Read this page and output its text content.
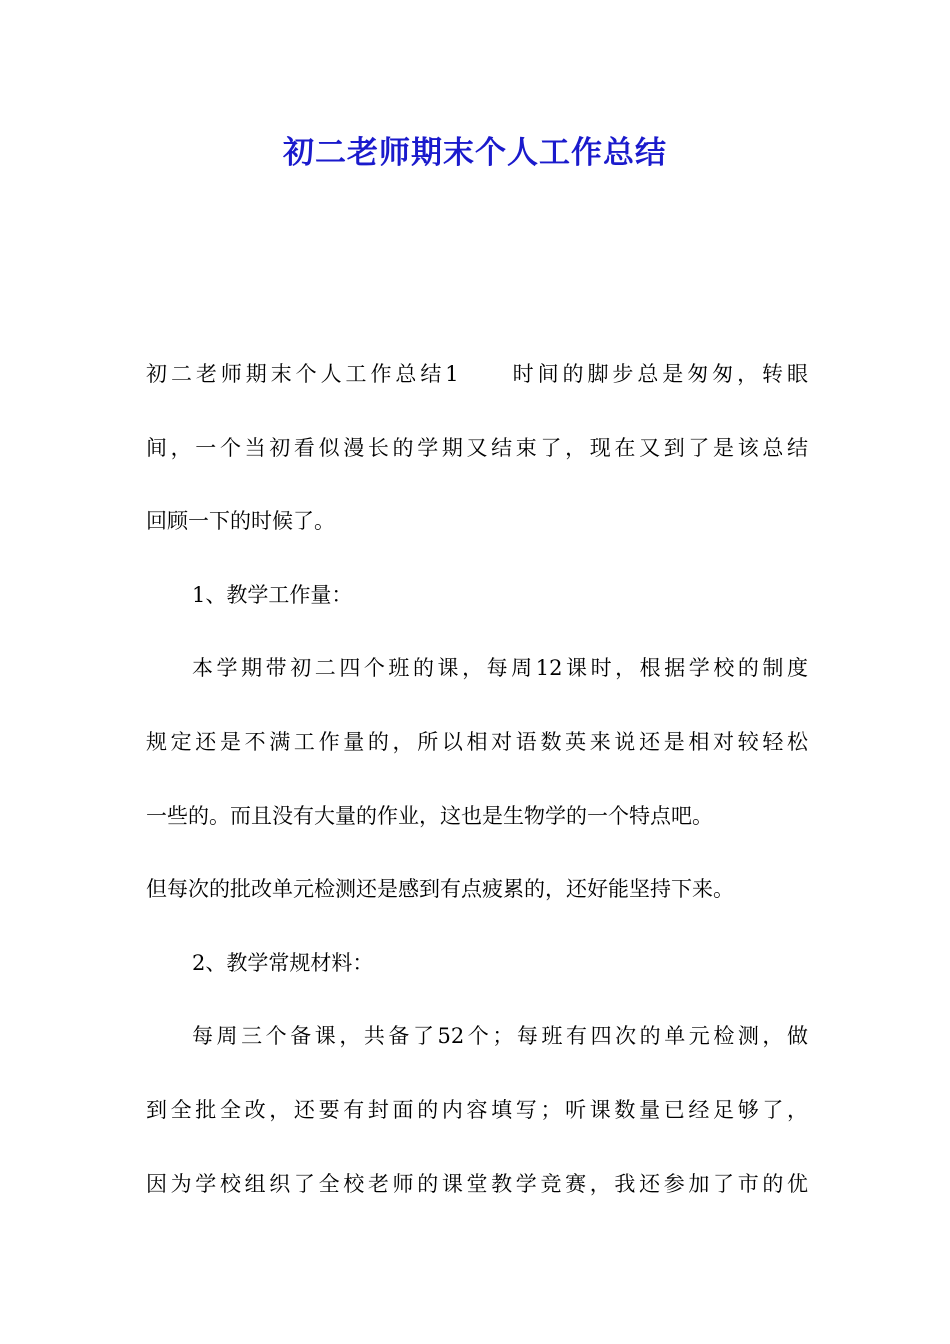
初二老师期末个人工作总结
初二老师期末个人工作总结1 时间的脚步总是匆匆，转眼
间，一个当初看似漫长的学期又结束了，现在又到了是该总结
回顾一下的时候了。
1、教学工作量：
本学期带初二四个班的课，每周12课时，根据学校的制度
规定还是不满工作量的，所以相对语数英来说还是相对较轻松
一些的。而且没有大量的作业，这也是生物学的一个特点吧。
但每次的批改单元检测还是感到有点疲累的，还好能坚持下来。
2、教学常规材料：
每周三个备课，共备了52个；每班有四次的单元检测，做
到全批全改，还要有封面的内容填写；听课数量已经足够了，
因为学校组织了全校老师的课堂教学竞赛，我还参加了市的优
